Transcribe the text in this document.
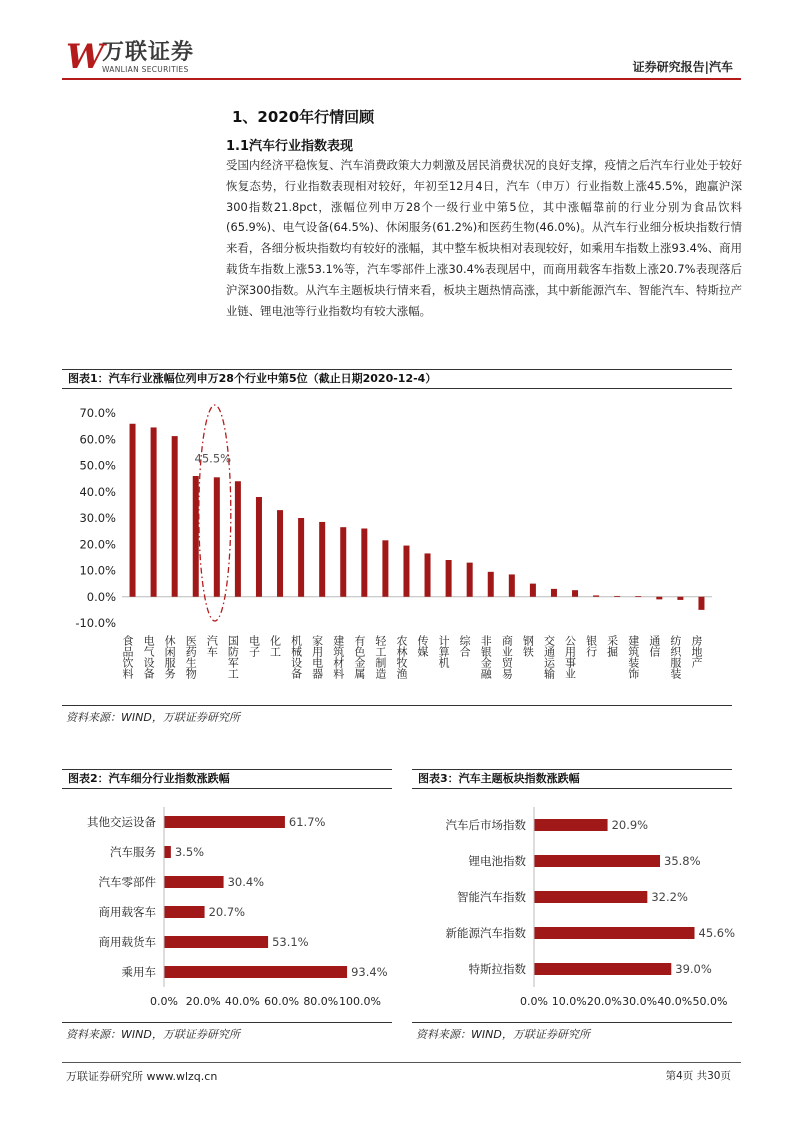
W
万联证券
WANLIAN SECURITIES	证券研究报告|汽车
1、2020年行情回顾
1.1汽车行业指数表现

受国内经济平稳恢复、汽车消费政策大力刺激及居民消费状况的良好支撑，疫情之后汽车行业处于较好恢复态势，行业指数表现相对较好，年初至12月4日，汽车（申万）行业指数上涨45.5%，跑赢沪深300指数21.8pct，涨幅位列申万28个一级行业中第5位，其中涨幅靠前的行业分别为食品饮料(65.9%)、电气设备(64.5%)、休闲服务(61.2%)和医药生物(46.0%)。从汽车行业细分板块指数行情来看，各细分板块指数均有较好的涨幅，其中整车板块相对表现较好，如乘用车指数上涨93.4%、商用载货车指数上涨53.1%等，汽车零部件上涨30.4%表现居中，而商用载客车指数上涨20.7%表现落后沪深300指数。从汽车主题板块行情来看，板块主题热情高涨，其中新能源汽车、智能汽车、特斯拉产业链、锂电池等行业指数均有较大涨幅。

图表1：汽车行业涨幅位列申万28个行业中第5位（截止日期2020-12-4）
70.0%
60.0%
50.0%
40.0%
30.0%
20.0%
10.0%
0.0%
-10.0%
食品饮料 电气设备 休闲服务 医药生物 汽车 国防军工 电子 化工 机械设备 家用电器 建筑材料 有色金属 轻工制造 农林牧渔 传媒 计算机 综合 非银金融 商业贸易 钢铁 交通运输 公用事业 银行 采掘 建筑装饰 通信 纺织服装 房地产
45.5%
资料来源：WIND，万联证券研究所
图表2：汽车细分行业指数涨跌幅
其他交运设备	61.7%
汽车服务 3.5%
汽车零部件	30.4%
商用载客车	20.7%
商用载货车	53.1%
乘用车	93.4%
0.0% 20.0% 40.0% 60.0% 80.0% 100.0%
资料来源：WIND，万联证券研究所
图表3：汽车主题板块指数涨跌幅
汽车后市场指数	20.9%
锂电池指数	35.8%
智能汽车指数	32.2%
新能源汽车指数	45.6%
特斯拉指数	39.0%
0.0% 10.0% 20.0% 30.0% 40.0% 50.0%
资料来源：WIND，万联证券研究所
万联证券研究所 www.wlzq.cn	第4页 共30页
